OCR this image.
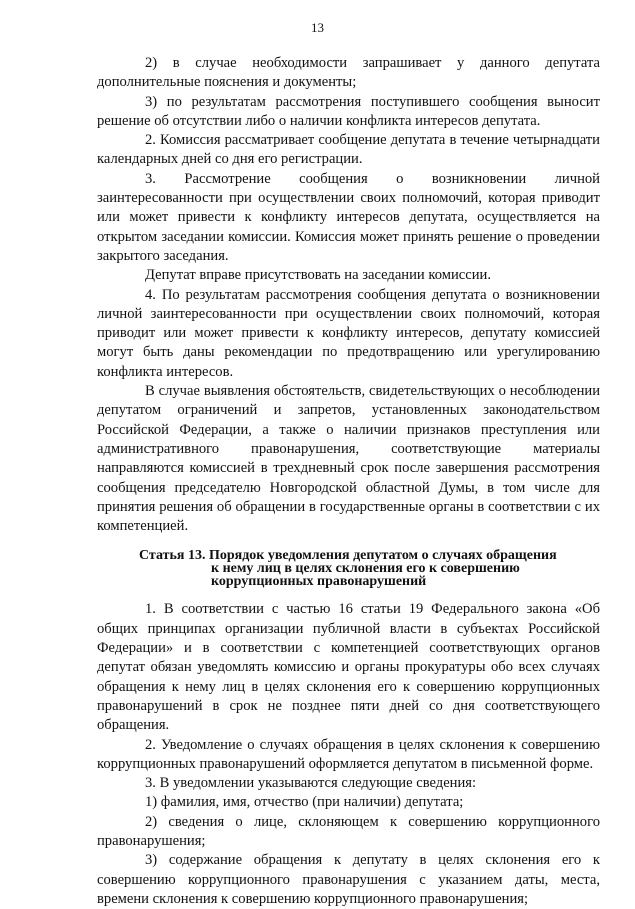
13

2) в случае необходимости запрашивает у данного депутата дополнительные пояснения и документы;

3) по результатам рассмотрения поступившего сообщения выносит решение об отсутствии либо о наличии конфликта интересов депутата.

2. Комиссия рассматривает сообщение депутата в течение четырнадцати календарных дней со дня его регистрации.

3. Рассмотрение сообщения о возникновении личной заинтересованности при осуществлении своих полномочий, которая приводит или может привести к конфликту интересов депутата, осуществляется на открытом заседании комиссии. Комиссия может принять решение о проведении закрытого заседания.

Депутат вправе присутствовать на заседании комиссии.

4. По результатам рассмотрения сообщения депутата о возникновении личной заинтересованности при осуществлении своих полномочий, которая приводит или может привести к конфликту интересов, депутату комиссией могут быть даны рекомендации по предотвращению или урегулированию конфликта интересов.

В случае выявления обстоятельств, свидетельствующих о несоблюдении депутатом ограничений и запретов, установленных законодательством Российской Федерации, а также о наличии признаков преступления или административного правонарушения, соответствующие материалы направляются комиссией в трехдневный срок после завершения рассмотрения сообщения председателю Новгородской областной Думы, в том числе для принятия решения об обращении в государственные органы в соответствии с их компетенцией.

Статья 13. Порядок уведомления депутатом о случаях обращения
к нему лиц в целях склонения его к совершению
коррупционных правонарушений

1. В соответствии с частью 16 статьи 19 Федерального закона «Об общих принципах организации публичной власти в субъектах Российской Федерации» и в соответствии с компетенцией соответствующих органов депутат обязан уведомлять комиссию и органы прокуратуры обо всех случаях обращения к нему лиц в целях склонения его к совершению коррупционных правонарушений в срок не позднее пяти дней со дня соответствующего обращения.

2. Уведомление о случаях обращения в целях склонения к совершению коррупционных правонарушений оформляется депутатом в письменной форме.

3. В уведомлении указываются следующие сведения:

1) фамилия, имя, отчество (при наличии) депутата;

2) сведения о лице, склоняющем к совершению коррупционного правонарушения;

3) содержание обращения к депутату в целях склонения его к совершению коррупционного правонарушения с указанием даты, места, времени склонения к совершению коррупционного правонарушения;
